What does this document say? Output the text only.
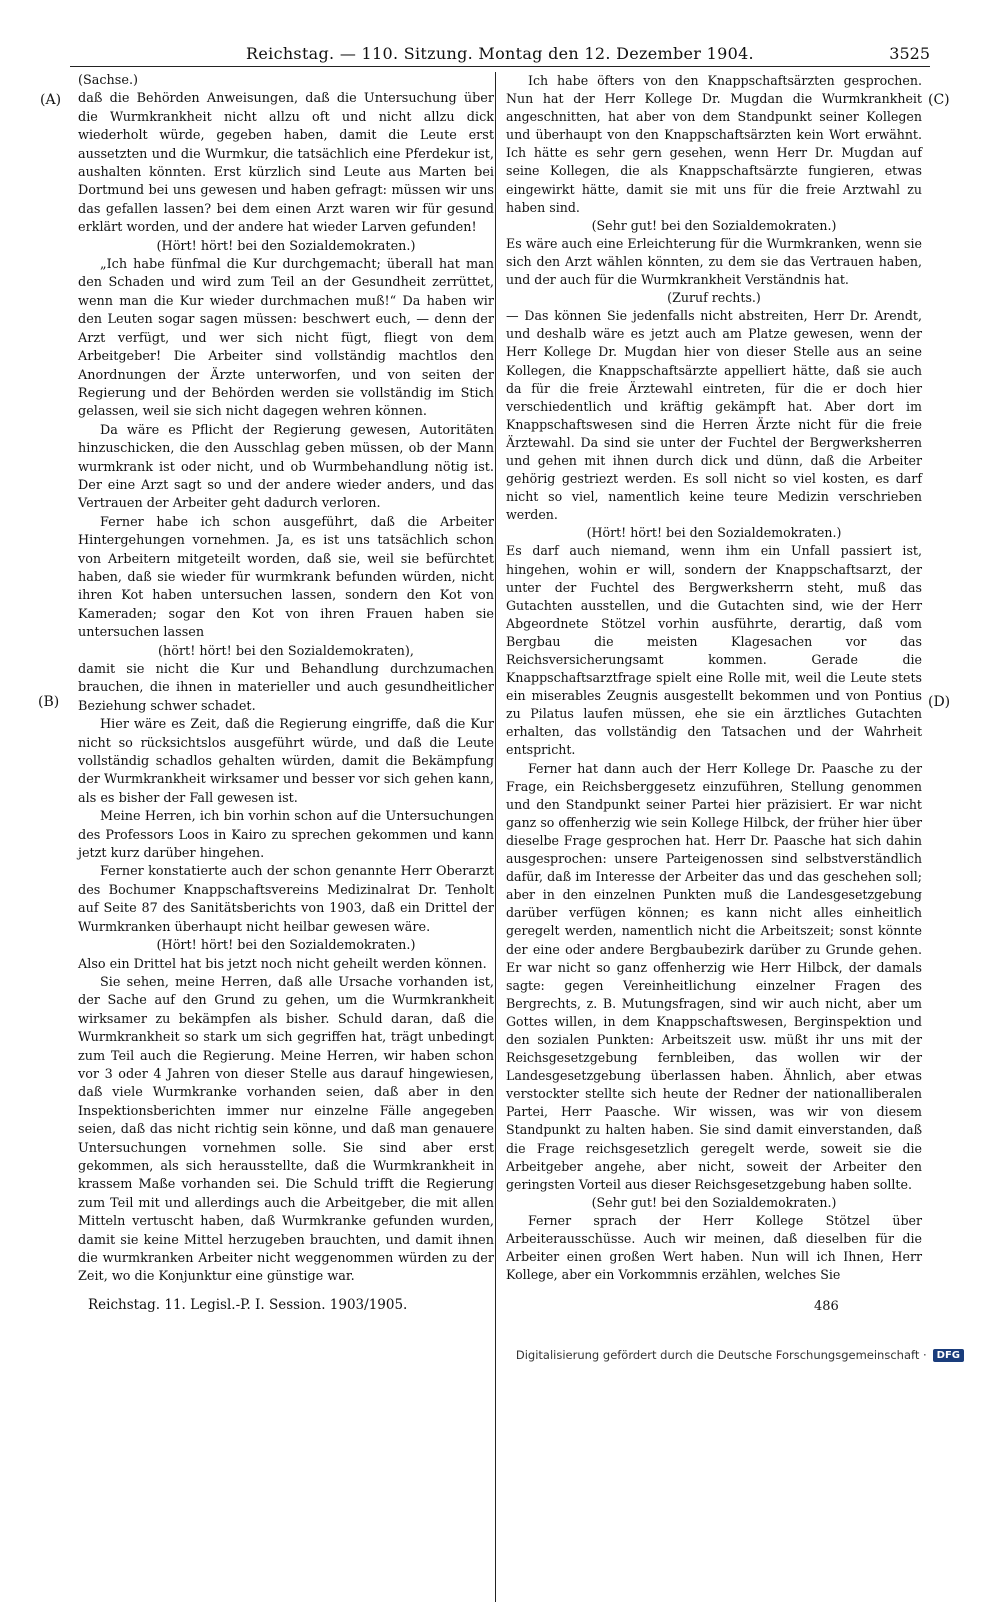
Reichstag. — 110. Sitzung. Montag den 12. Dezember 1904.	3525
(A)
(B)
(C)
(D)

(Sachse.)

daß die Behörden Anweisungen, daß die Untersuchung über die Wurmkrankheit nicht allzu oft und nicht allzu dick wiederholt würde, gegeben haben, damit die Leute erst aussetzten und die Wurmkur, die tatsächlich eine Pferdekur ist, aushalten könnten. Erst kürzlich sind Leute aus Marten bei Dortmund bei uns gewesen und haben gefragt: müssen wir uns das gefallen lassen? bei dem einen Arzt waren wir für gesund erklärt worden, und der andere hat wieder Larven gefunden!

(Hört! hört! bei den Sozialdemokraten.)

„Ich habe fünfmal die Kur durchgemacht; überall hat man den Schaden und wird zum Teil an der Gesundheit zerrüttet, wenn man die Kur wieder durchmachen muß!“ Da haben wir den Leuten sogar sagen müssen: beschwert euch, — denn der Arzt verfügt, und wer sich nicht fügt, fliegt von dem Arbeitgeber! Die Arbeiter sind vollständig machtlos den Anordnungen der Ärzte unterworfen, und von seiten der Regierung und der Behörden werden sie vollständig im Stich gelassen, weil sie sich nicht dagegen wehren können.

Da wäre es Pflicht der Regierung gewesen, Autoritäten hinzuschicken, die den Ausschlag geben müssen, ob der Mann wurmkrank ist oder nicht, und ob Wurmbehandlung nötig ist. Der eine Arzt sagt so und der andere wieder anders, und das Vertrauen der Arbeiter geht dadurch verloren.

Ferner habe ich schon ausgeführt, daß die Arbeiter Hintergehungen vornehmen. Ja, es ist uns tatsächlich schon von Arbeitern mitgeteilt worden, daß sie, weil sie befürchtet haben, daß sie wieder für wurmkrank befunden würden, nicht ihren Kot haben untersuchen lassen, sondern den Kot von Kameraden; sogar den Kot von ihren Frauen haben sie untersuchen lassen

(hört! hört! bei den Sozialdemokraten),

damit sie nicht die Kur und Behandlung durchzumachen brauchen, die ihnen in materieller und auch gesundheitlicher Beziehung schwer schadet.

Hier wäre es Zeit, daß die Regierung eingriffe, daß die Kur nicht so rücksichtslos ausgeführt würde, und daß die Leute vollständig schadlos gehalten würden, damit die Bekämpfung der Wurmkrankheit wirksamer und besser vor sich gehen kann, als es bisher der Fall gewesen ist.

Meine Herren, ich bin vorhin schon auf die Untersuchungen des Professors Loos in Kairo zu sprechen gekommen und kann jetzt kurz darüber hingehen.

Ferner konstatierte auch der schon genannte Herr Oberarzt des Bochumer Knappschaftsvereins Medizinalrat Dr. Tenholt auf Seite 87 des Sanitätsberichts von 1903, daß ein Drittel der Wurmkranken überhaupt nicht heilbar gewesen wäre.

(Hört! hört! bei den Sozialdemokraten.)

Also ein Drittel hat bis jetzt noch nicht geheilt werden können.

Sie sehen, meine Herren, daß alle Ursache vorhanden ist, der Sache auf den Grund zu gehen, um die Wurmkrankheit wirksamer zu bekämpfen als bisher. Schuld daran, daß die Wurmkrankheit so stark um sich gegriffen hat, trägt unbedingt zum Teil auch die Regierung. Meine Herren, wir haben schon vor 3 oder 4 Jahren von dieser Stelle aus darauf hingewiesen, daß viele Wurmkranke vorhanden seien, daß aber in den Inspektionsberichten immer nur einzelne Fälle angegeben seien, daß das nicht richtig sein könne, und daß man genauere Untersuchungen vornehmen solle. Sie sind aber erst gekommen, als sich herausstellte, daß die Wurmkrankheit in krassem Maße vorhanden sei. Die Schuld trifft die Regierung zum Teil mit und allerdings auch die Arbeitgeber, die mit allen Mitteln vertuscht haben, daß Wurmkranke gefunden wurden, damit sie keine Mittel herzugeben brauchten, und damit ihnen die wurmkranken Arbeiter nicht weggenommen würden zu der Zeit, wo die Konjunktur eine günstige war.

Ich habe öfters von den Knappschaftsärzten gesprochen. Nun hat der Herr Kollege Dr. Mugdan die Wurmkrankheit angeschnitten, hat aber von dem Standpunkt seiner Kollegen und überhaupt von den Knappschaftsärzten kein Wort erwähnt. Ich hätte es sehr gern gesehen, wenn Herr Dr. Mugdan auf seine Kollegen, die als Knappschaftsärzte fungieren, etwas eingewirkt hätte, damit sie mit uns für die freie Arztwahl zu haben sind.

(Sehr gut! bei den Sozialdemokraten.)

Es wäre auch eine Erleichterung für die Wurmkranken, wenn sie sich den Arzt wählen könnten, zu dem sie das Vertrauen haben, und der auch für die Wurmkrankheit Verständnis hat.

(Zuruf rechts.)

— Das können Sie jedenfalls nicht abstreiten, Herr Dr. Arendt, und deshalb wäre es jetzt auch am Platze gewesen, wenn der Herr Kollege Dr. Mugdan hier von dieser Stelle aus an seine Kollegen, die Knappschaftsärzte appelliert hätte, daß sie auch da für die freie Ärztewahl eintreten, für die er doch hier verschiedentlich und kräftig gekämpft hat. Aber dort im Knappschaftswesen sind die Herren Ärzte nicht für die freie Ärztewahl. Da sind sie unter der Fuchtel der Bergwerksherren und gehen mit ihnen durch dick und dünn, daß die Arbeiter gehörig gestriezt werden. Es soll nicht so viel kosten, es darf nicht so viel, namentlich keine teure Medizin verschrieben werden.

(Hört! hört! bei den Sozialdemokraten.)

Es darf auch niemand, wenn ihm ein Unfall passiert ist, hingehen, wohin er will, sondern der Knappschaftsarzt, der unter der Fuchtel des Bergwerksherrn steht, muß das Gutachten ausstellen, und die Gutachten sind, wie der Herr Abgeordnete Stötzel vorhin ausführte, derartig, daß vom Bergbau die meisten Klagesachen vor das Reichsversicherungsamt kommen. Gerade die Knappschaftsarztfrage spielt eine Rolle mit, weil die Leute stets ein miserables Zeugnis ausgestellt bekommen und von Pontius zu Pilatus laufen müssen, ehe sie ein ärztliches Gutachten erhalten, das vollständig den Tatsachen und der Wahrheit entspricht.

Ferner hat dann auch der Herr Kollege Dr. Paasche zu der Frage, ein Reichsberggesetz einzuführen, Stellung genommen und den Standpunkt seiner Partei hier präzisiert. Er war nicht ganz so offenherzig wie sein Kollege Hilbck, der früher hier über dieselbe Frage gesprochen hat. Herr Dr. Paasche hat sich dahin ausgesprochen: unsere Parteigenossen sind selbstverständlich dafür, daß im Interesse der Arbeiter das und das geschehen soll; aber in den einzelnen Punkten muß die Landesgesetzgebung darüber verfügen können; es kann nicht alles einheitlich geregelt werden, namentlich nicht die Arbeitszeit; sonst könnte der eine oder andere Bergbaubezirk darüber zu Grunde gehen. Er war nicht so ganz offenherzig wie Herr Hilbck, der damals sagte: gegen Vereinheitlichung einzelner Fragen des Bergrechts, z. B. Mutungsfragen, sind wir auch nicht, aber um Gottes willen, in dem Knappschaftswesen, Berginspektion und den sozialen Punkten: Arbeitszeit usw. müßt ihr uns mit der Reichsgesetzgebung fernbleiben, das wollen wir der Landesgesetzgebung überlassen haben. Ähnlich, aber etwas verstockter stellte sich heute der Redner der nationalliberalen Partei, Herr Paasche. Wir wissen, was wir von diesem Standpunkt zu halten haben. Sie sind damit einverstanden, daß die Frage reichsgesetzlich geregelt werde, soweit sie die Arbeitgeber angehe, aber nicht, soweit der Arbeiter den geringsten Vorteil aus dieser Reichsgesetzgebung haben sollte.

(Sehr gut! bei den Sozialdemokraten.)

Ferner sprach der Herr Kollege Stötzel über Arbeiterausschüsse. Auch wir meinen, daß dieselben für die Arbeiter einen großen Wert haben. Nun will ich Ihnen, Herr Kollege, aber ein Vorkommnis erzählen, welches Sie

Reichstag. 11. Legisl.-P. I. Session. 1903/1905.	486
Digitalisierung gefördert durch die Deutsche Forschungsgemeinschaft ·	DFG
